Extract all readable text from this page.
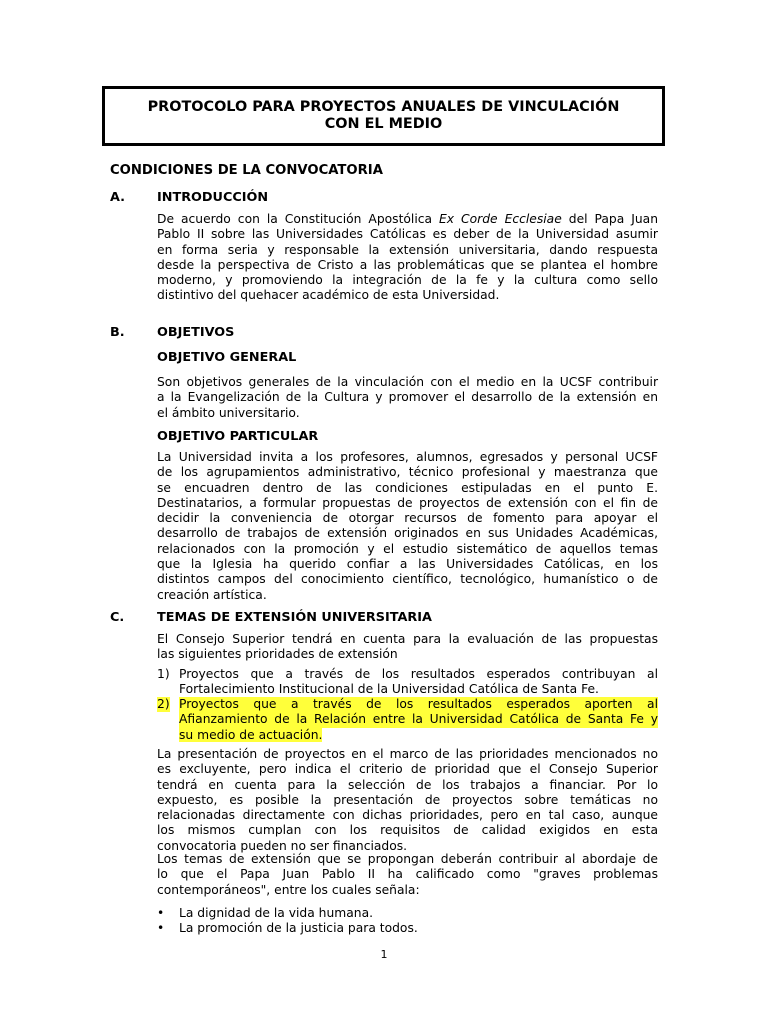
PROTOCOLO PARA PROYECTOS ANUALES DE VINCULACIÓN
CON EL MEDIO
CONDICIONES DE LA CONVOCATORIA
A. INTRODUCCIÓN
De acuerdo con la Constitución Apostólica Ex Corde Ecclesiae del Papa Juan
Pablo II sobre las Universidades Católicas es deber de la Universidad asumir
en forma seria y responsable la extensión universitaria, dando respuesta
desde la perspectiva de Cristo a las problemáticas que se plantea el hombre
moderno, y promoviendo la integración de la fe y la cultura como sello
distintivo del quehacer académico de esta Universidad.
B.	OBJETIVOS
OBJETIVO GENERAL
Son objetivos generales de la vinculación con el medio en la UCSF contribuir
a la Evangelización de la Cultura y promover el desarrollo de la extensión en
el ámbito universitario.
OBJETIVO PARTICULAR
La Universidad invita a los profesores, alumnos, egresados y personal UCSF
de los agrupamientos administrativo, técnico profesional y maestranza que
se encuadren dentro de las condiciones estipuladas en el punto E.
Destinatarios, a formular propuestas de proyectos de extensión con el fin de
decidir la conveniencia de otorgar recursos de fomento para apoyar el
desarrollo de trabajos de extensión originados en sus Unidades Académicas,
relacionados con la promoción y el estudio sistemático de aquellos temas
que la Iglesia ha querido confiar a las Universidades Católicas, en los
distintos campos del conocimiento científico, tecnológico, humanístico o de
creación artística.
C.	TEMAS DE EXTENSIÓN UNIVERSITARIA
El Consejo Superior tendrá en cuenta para la evaluación de las propuestas
las siguientes prioridades de extensión
1) Proyectos que a través de los resultados esperados contribuyan al
Fortalecimiento Institucional de la Universidad Católica de Santa Fe.
2) Proyectos que a través de los resultados esperados aporten al
Afianzamiento de la Relación entre la Universidad Católica de Santa Fe y
su medio de actuación.
La presentación de proyectos en el marco de las prioridades mencionados no
es excluyente, pero indica el criterio de prioridad que el Consejo Superior
tendrá en cuenta para la selección de los trabajos a financiar. Por lo
expuesto, es posible la presentación de proyectos sobre temáticas no
relacionadas directamente con dichas prioridades, pero en tal caso, aunque
los mismos cumplan con los requisitos de calidad exigidos en esta
convocatoria pueden no ser financiados.
Los temas de extensión que se propongan deberán contribuir al abordaje de
lo que el Papa Juan Pablo II ha calificado como "graves problemas
contemporáneos", entre los cuales señala:
• La dignidad de la vida humana.
• La promoción de la justicia para todos.
1
